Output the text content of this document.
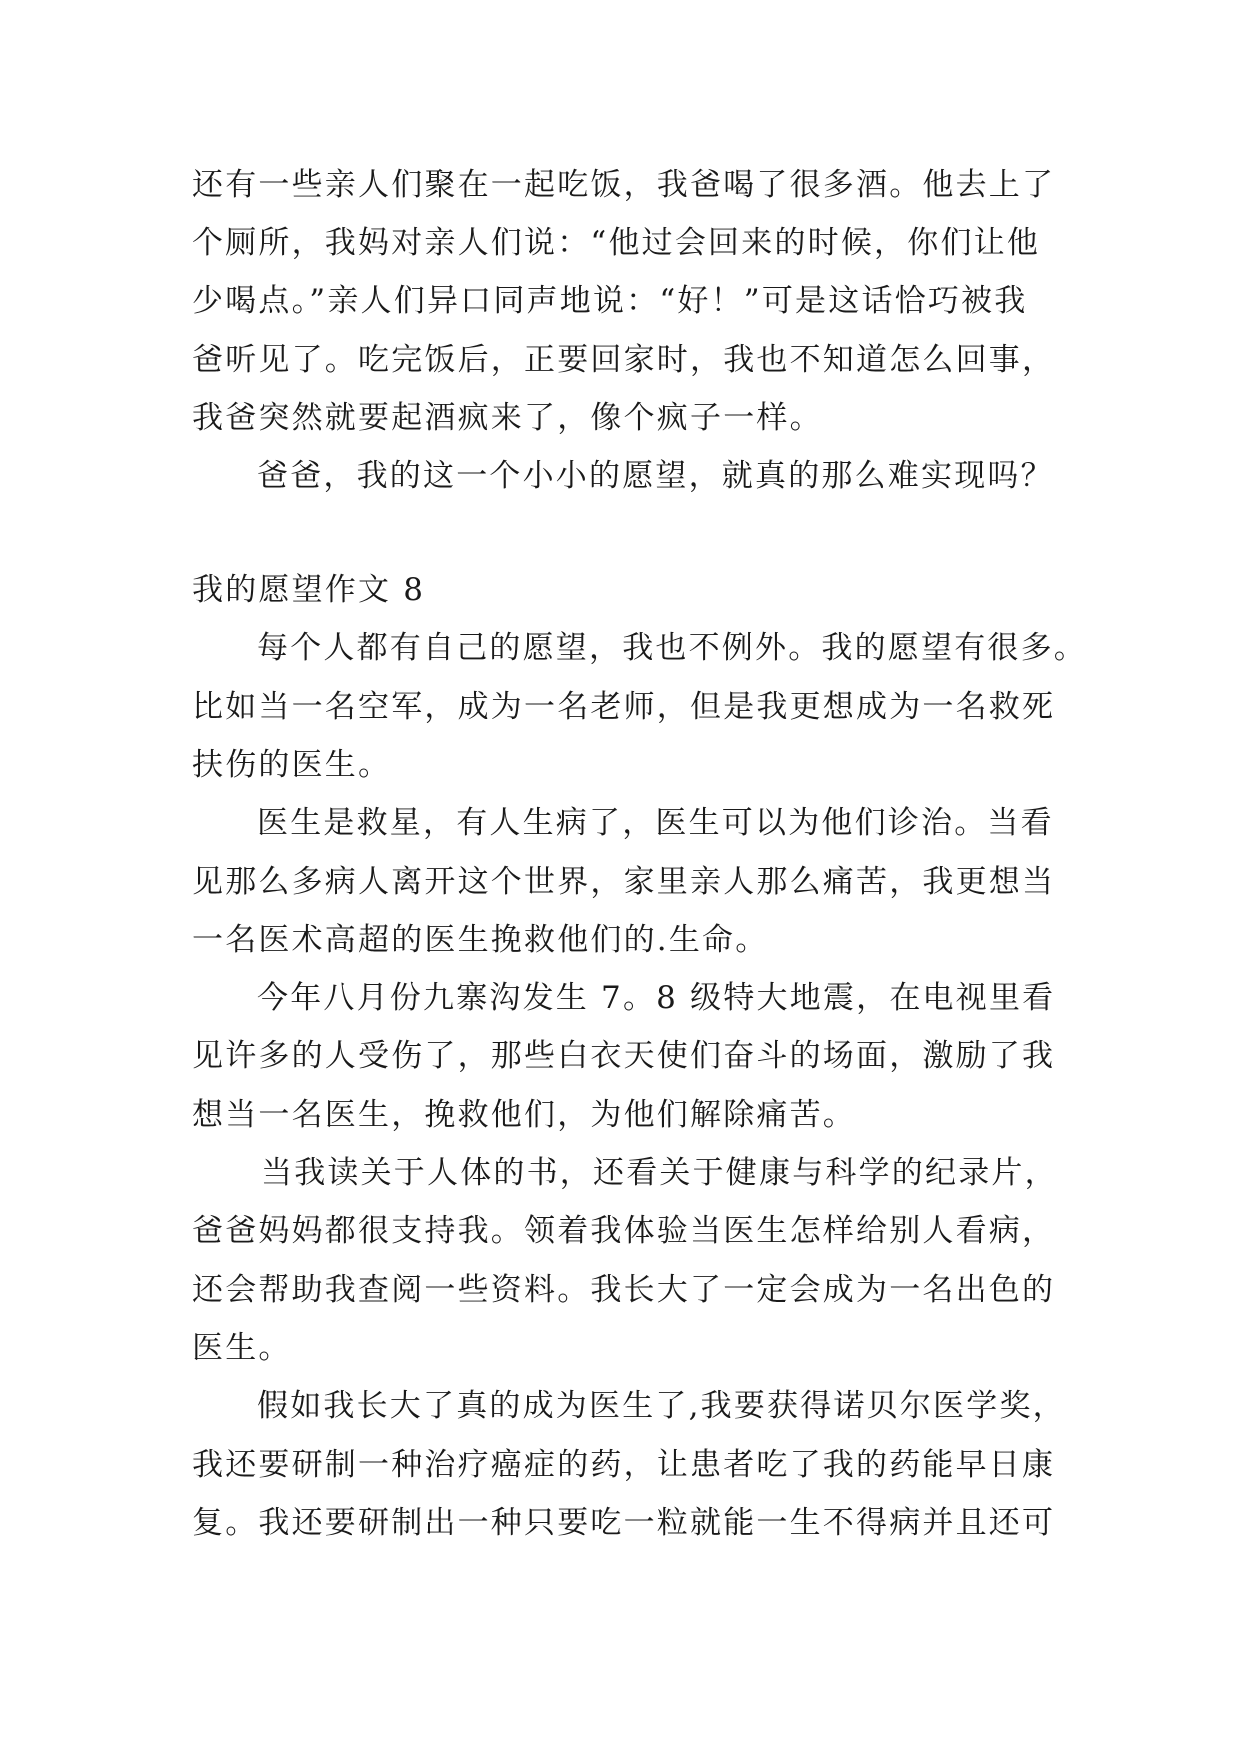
还有一些亲人们聚在一起吃饭，我爸喝了很多酒。他去上了
个厕所，我妈对亲人们说：“他过会回来的时候，你们让他
少喝点。”亲人们异口同声地说：“好！”可是这话恰巧被我
爸听见了。吃完饭后，正要回家时，我也不知道怎么回事，
我爸突然就要起酒疯来了，像个疯子一样。
爸爸，我的这一个小小的愿望，就真的那么难实现吗？
我的愿望作文 8
每个人都有自己的愿望，我也不例外。我的愿望有很多。
比如当一名空军，成为一名老师，但是我更想成为一名救死
扶伤的医生。
医生是救星，有人生病了，医生可以为他们诊治。当看
见那么多病人离开这个世界，家里亲人那么痛苦，我更想当
一名医术高超的医生挽救他们的.生命。
今年八月份九寨沟发生 7。8 级特大地震，在电视里看
见许多的人受伤了，那些白衣天使们奋斗的场面，激励了我
想当一名医生，挽救他们，为他们解除痛苦。
当我读关于人体的书，还看关于健康与科学的纪录片，
爸爸妈妈都很支持我。领着我体验当医生怎样给别人看病，
还会帮助我查阅一些资料。我长大了一定会成为一名出色的
医生。
假如我长大了真的成为医生了,我要获得诺贝尔医学奖，
我还要研制一种治疗癌症的药，让患者吃了我的药能早日康
复。我还要研制出一种只要吃一粒就能一生不得病并且还可
